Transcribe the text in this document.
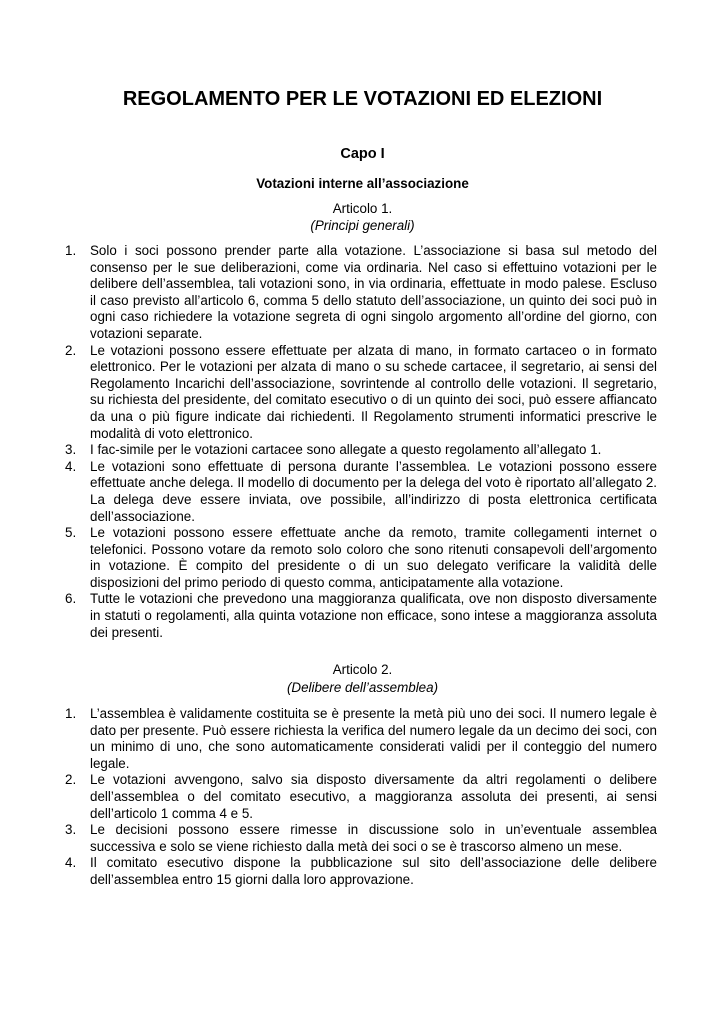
REGOLAMENTO PER LE VOTAZIONI ED ELEZIONI
Capo I
Votazioni interne all’associazione
Articolo 1.
(Principi generali)
1.	Solo i soci possono prender parte alla votazione. L’associazione si basa sul metodo del consenso per le sue deliberazioni, come via ordinaria. Nel caso si effettuino votazioni per le delibere dell’assemblea, tali votazioni sono, in via ordinaria, effettuate in modo palese. Escluso il caso previsto all’articolo 6, comma 5 dello statuto dell’associazione, un quinto dei soci può in ogni caso richiedere la votazione segreta di ogni singolo argomento all’ordine del giorno, con votazioni separate.
2.	Le votazioni possono essere effettuate per alzata di mano, in formato cartaceo o in formato elettronico. Per le votazioni per alzata di mano o su schede cartacee, il segretario, ai sensi del Regolamento Incarichi dell’associazione, sovrintende al controllo delle votazioni. Il segretario, su richiesta del presidente, del comitato esecutivo o di un quinto dei soci, può essere affiancato da una o più figure indicate dai richiedenti. Il Regolamento strumenti informatici prescrive le modalità di voto elettronico.
3.	I fac-simile per le votazioni cartacee sono allegate a questo regolamento all’allegato 1.
4.	Le votazioni sono effettuate di persona durante l’assemblea. Le votazioni possono essere effettuate anche delega. Il modello di documento per la delega del voto è riportato all’allegato 2. La delega deve essere inviata, ove possibile, all’indirizzo di posta elettronica certificata dell’associazione.
5.	Le votazioni possono essere effettuate anche da remoto, tramite collegamenti internet o telefonici. Possono votare da remoto solo coloro che sono ritenuti consapevoli dell’argomento in votazione. È compito del presidente o di un suo delegato verificare la validità delle disposizioni del primo periodo di questo comma, anticipatamente alla votazione.
6.	Tutte le votazioni che prevedono una maggioranza qualificata, ove non disposto diversamente in statuti o regolamenti, alla quinta votazione non efficace, sono intese a maggioranza assoluta dei presenti.
Articolo 2.
(Delibere dell’assemblea)
1.	L’assemblea è validamente costituita se è presente la metà più uno dei soci. Il numero legale è dato per presente. Può essere richiesta la verifica del numero legale da un decimo dei soci, con un minimo di uno, che sono automaticamente considerati validi per il conteggio del numero legale.
2.	Le votazioni avvengono, salvo sia disposto diversamente da altri regolamenti o delibere dell’assemblea o del comitato esecutivo, a maggioranza assoluta dei presenti, ai sensi dell’articolo 1 comma 4 e 5.
3.	Le decisioni possono essere rimesse in discussione solo in un’eventuale assemblea successiva e solo se viene richiesto dalla metà dei soci o se è trascorso almeno un mese.
4.	Il comitato esecutivo dispone la pubblicazione sul sito dell’associazione delle delibere dell’assemblea entro 15 giorni dalla loro approvazione.
